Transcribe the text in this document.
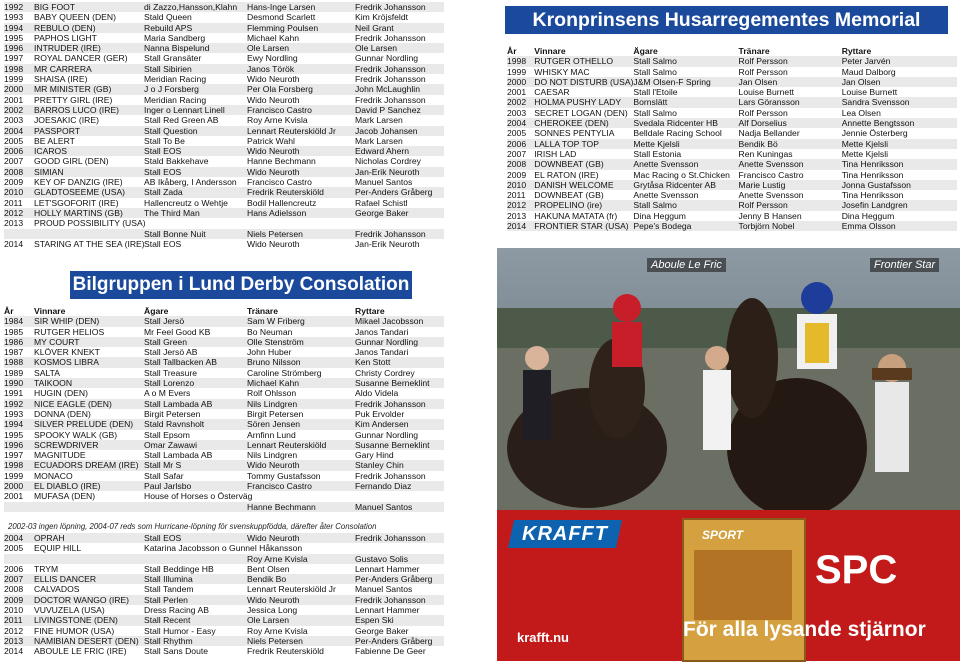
1992	BIG FOOT	di Zazzo,Hansson,Klahn	Hans-Inge Larsen	Fredrik Johansson
1993	BABY QUEEN (DEN)	Stald Queen	Desmond Scarlett	Kim Kröjsfeldt
1994	REBULO (DEN)	Rebuild APS	Flemming Poulsen	Neil Grant
1995	PAPHOS LIGHT	Maria Sandberg	Michael Kahn	Fredrik Johansson
1996	INTRUDER (IRE)	Nanna Bispelund	Ole Larsen	Ole Larsen
1997	ROYAL DANCER (GER)	Stall Gransäter	Ewy Nordling	Gunnar Nordling
1998	MR CARRERA	Stall Sibirien	Janos Török	Fredrik Johansson
1999	SHAISA (IRE)	Meridian Racing	Wido Neuroth	Fredrik Johansson
2000	MR MINISTER (GB)	J o J Forsberg	Per Ola Forsberg	John McLaughlin
2001	PRETTY GIRL (IRE)	Meridian Racing	Wido Neuroth	Fredrik Johansson
2002	BARROS LUCO (IRE)	Inger o Lennart Linell	Francisco Castro	David P Sanchez
2003	JOESAKIC (IRE)	Stall Red Green AB	Roy Arne Kvisla	Mark Larsen
2004	PASSPORT	Stall Question	Lennart Reuterskiöld Jr	Jacob Johansen
2005	BE ALERT	Stall To Be	Patrick Wahl	Mark Larsen
2006	ICAROS	Stall EOS	Wido Neuroth	Edward Ahern
2007	GOOD GIRL (DEN)	Stald Bakkehave	Hanne Bechmann	Nicholas Cordrey
2008	SIMIAN	Stall EOS	Wido Neuroth	Jan-Erik Neuroth
2009	KEY OF DANZIG (IRE)	AB Ikåberg, I Andersson	Francisco Castro	Manuel Santos
2010	GLADTOSEEME (USA)	Stall Zada	Fredrik Reuterskiöld	Per-Anders Gråberg
2011	LET'SGOFORIT (IRE)	Hallencreutz o Wehtje	Bodil Hallencreutz	Rafael Schistl
2012	HOLLY MARTINS (GB)	The Third Man	Hans Adielsson	George Baker
2013	PROUD POSSIBILITY (USA)			
		Stall Bonne Nuit	Niels Petersen	Fredrik Johansson
2014	STARING AT THE SEA (IRE)	Stall EOS	Wido Neuroth	Jan-Erik Neuroth
Bilgruppen i Lund Derby Consolation
År	Vinnare	Ägare	Tränare	Ryttare
1984	SIR WHIP (DEN)	Stall Jersö	Sam W Friberg	Mikael Jacobsson
1985	RUTGER HELIOS	Mr Feel Good KB	Bo Neuman	Janos Tandari
1986	MY COURT	Stall Green	Olle Stenström	Gunnar Nordling
1987	KLÖVER KNEKT	Stall Jersö AB	John Huber	Janos Tandari
1988	KOSMOS LIBRA	Stall Tallbacken AB	Bruno Nilsson	Ken Stott
1989	SALTA	Stall Treasure	Caroline Strömberg	Christy Cordrey
1990	TAIKOON	Stall Lorenzo	Michael Kahn	Susanne Berneklint
1991	HUGIN (DEN)	A o M Evers	Rolf Ohlsson	Aldo Videla
1992	NICE EAGLE (DEN)	Stall Lambada AB	Nils Lindgren	Fredrik Johansson
1993	DONNA (DEN)	Birgit Petersen	Birgit Petersen	Puk Ervolder
1994	SILVER PRELUDE (DEN)	Stald Ravnsholt	Sören Jensen	Kim Andersen
1995	SPOOKY WALK (GB)	Stall Epsom	Arnfinn Lund	Gunnar Nordling
1996	SCREWDRIVER	Omar Zawawi	Lennart Reuterskiöld	Susanne Berneklint
1997	MAGNITUDE	Stall Lambada AB	Nils Lindgren	Gary Hind
1998	ECUADORS DREAM (IRE)	Stall Mr S	Wido Neuroth	Stanley Chin
1999	MONACO	Stall Safar	Tommy Gustafsson	Fredrik Johansson
2000	EL DIABLO (IRE)	Paul Jarlsbo	Francisco Castro	Fernando Diaz
2001	MUFASA (DEN)	House of Horses o Österväg		
			Hanne Bechmann	Manuel Santos
2002-03 ingen löpning, 2004-07 reds som Hurricane-löpning för svenskuppfödda, därefter åter Consolation
2004	OPRAH	Stall EOS	Wido Neuroth	Fredrik Johansson
2005	EQUIP HILL	Katarina Jacobsson o Gunnel Håkansson		
			Roy Arne Kvisla	Gustavo Solis
2006	TRYM	Stall Beddinge HB	Bent Olsen	Lennart Hammer
2007	ELLIS DANCER	Stall Illumina	Bendik Bo	Per-Anders Gråberg
2008	CALVADOS	Stall Tandem	Lennart Reuterskiöld Jr	Manuel Santos
2009	DOCTOR WANGO (IRE)	Stall Perlen	Wido Neuroth	Fredrik Johansson
2010	VUVUZELA (USA)	Dress Racing AB	Jessica Long	Lennart Hammer
2011	LIVINGSTONE (DEN)	Stall Recent	Ole Larsen	Espen Ski
2012	FINE HUMOR (USA)	Stall Humor - Easy	Roy Arne Kvisla	George Baker
2013	NAMIBIAN DESERT (DEN)	Stall Rhythm	Niels Petersen	Per-Anders Gråberg
2014	ABOULE LE FRIC (IRE)	Stall Sans Doute	Fredrik Reuterskiöld	Fabienne De Geer
Kronprinsens Husarregementes Memorial
År	Vinnare	Ägare	Tränare	Ryttare
1998	RUTGER OTHELLO	Stall Salmo	Rolf Persson	Peter Jarvén
1999	WHISKY MAC	Stall Salmo	Rolf Persson	Maud Dalborg
2000	DO NOT DISTURB (USA)	J&M Olsen-F Spring	Jan Olsen	Jan Olsen
2001	CAESAR	Stall l'Etoile	Louise Burnett	Louise Burnett
2002	HOLMA PUSHY LADY	Bornslätt	Lars Göransson	Sandra Svensson
2003	SECRET LOGAN (DEN)	Stall Salmo	Rolf Persson	Lea Olsen
2004	CHEROKEE (DEN)	Svedala Ridcenter HB	Alf Dorselius	Annette Bengtsson
2005	SONNES PENTYLIA	Belldale Racing School	Nadja Bellander	Jennie Österberg
2006	LALLA TOP TOP	Mette Kjelsli	Bendik Bö	Mette Kjelsli
2007	IRISH LAD	Stall Estonia	Ren Kuningas	Mette Kjelsli
2008	DOWNBEAT (GB)	Anette Svensson	Anette Svensson	Tina Henriksson
2009	EL RATON (IRE)	Mac Racing o St.Chicken	Francisco Castro	Tina Henriksson
2010	DANISH WELCOME	Grytåsa Ridcenter AB	Marie Lustig	Jonna Gustafsson
2011	DOWNBEAT (GB)	Anette Svensson	Anette Svensson	Tina Henriksson
2012	PROPELINO (ire)	Stall Salmo	Rolf Persson	Josefin Landgren
2013	HAKUNA MATATA (fr)	Dina Heggum	Jenny B Hansen	Dina Heggum
2014	FRONTIER STAR (USA)	Pepe's Bodega	Torbjörn Nobel	Emma Olsson
Aboule Le Fric	Frontier Star
KRAFFT
krafft.nu
SPORT
SPC
För alla lysande stjärnor
